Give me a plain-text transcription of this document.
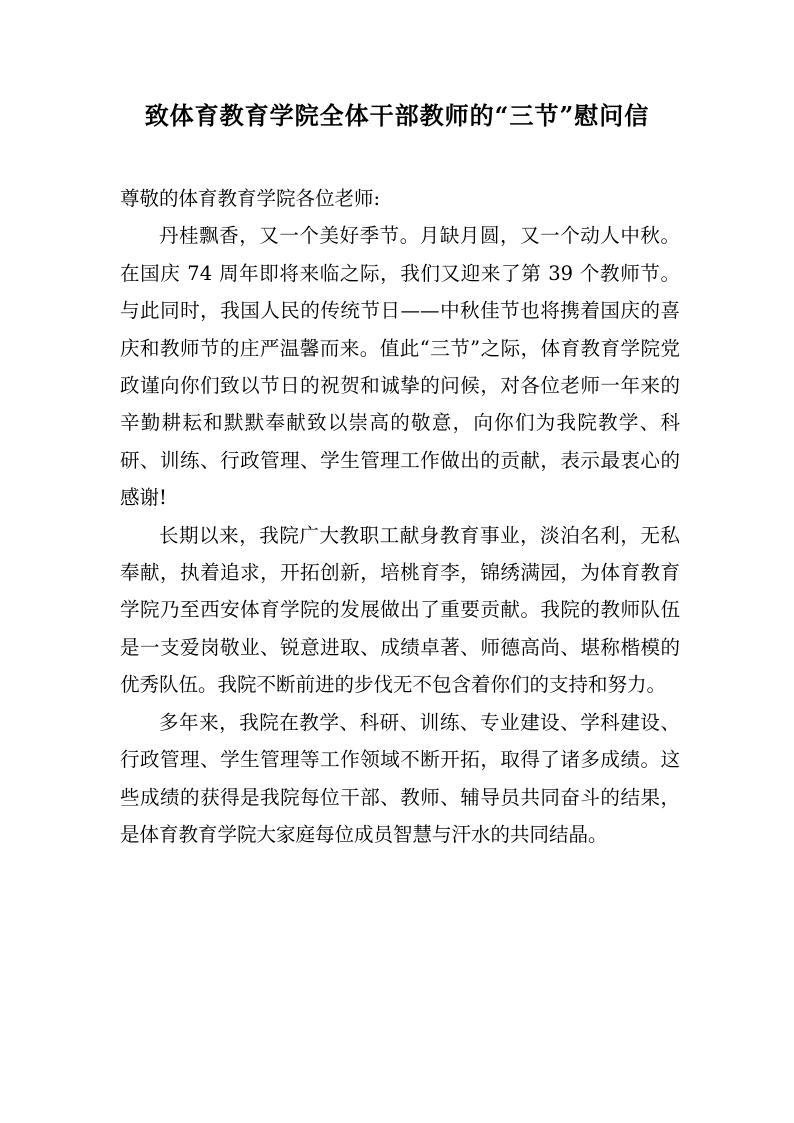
致体育教育学院全体干部教师的“三节”慰问信

尊敬的体育教育学院各位老师:

丹桂飘香，又一个美好季节。月缺月圆，又一个动人中秋。在国庆 74 周年即将来临之际，我们又迎来了第 39 个教师节。与此同时，我国人民的传统节日——中秋佳节也将携着国庆的喜庆和教师节的庄严温馨而来。值此“三节”之际，体育教育学院党政谨向你们致以节日的祝贺和诚挚的问候，对各位老师一年来的辛勤耕耘和默默奉献致以崇高的敬意，向你们为我院教学、科研、训练、行政管理、学生管理工作做出的贡献，表示最衷心的感谢!

长期以来，我院广大教职工献身教育事业，淡泊名利，无私奉献，执着追求，开拓创新，培桃育李，锦绣满园，为体育教育学院乃至西安体育学院的发展做出了重要贡献。我院的教师队伍是一支爱岗敬业、锐意进取、成绩卓著、师德高尚、堪称楷模的优秀队伍。我院不断前进的步伐无不包含着你们的支持和努力。

多年来，我院在教学、科研、训练、专业建设、学科建设、行政管理、学生管理等工作领域不断开拓，取得了诸多成绩。这些成绩的获得是我院每位干部、教师、辅导员共同奋斗的结果，是体育教育学院大家庭每位成员智慧与汗水的共同结晶。
